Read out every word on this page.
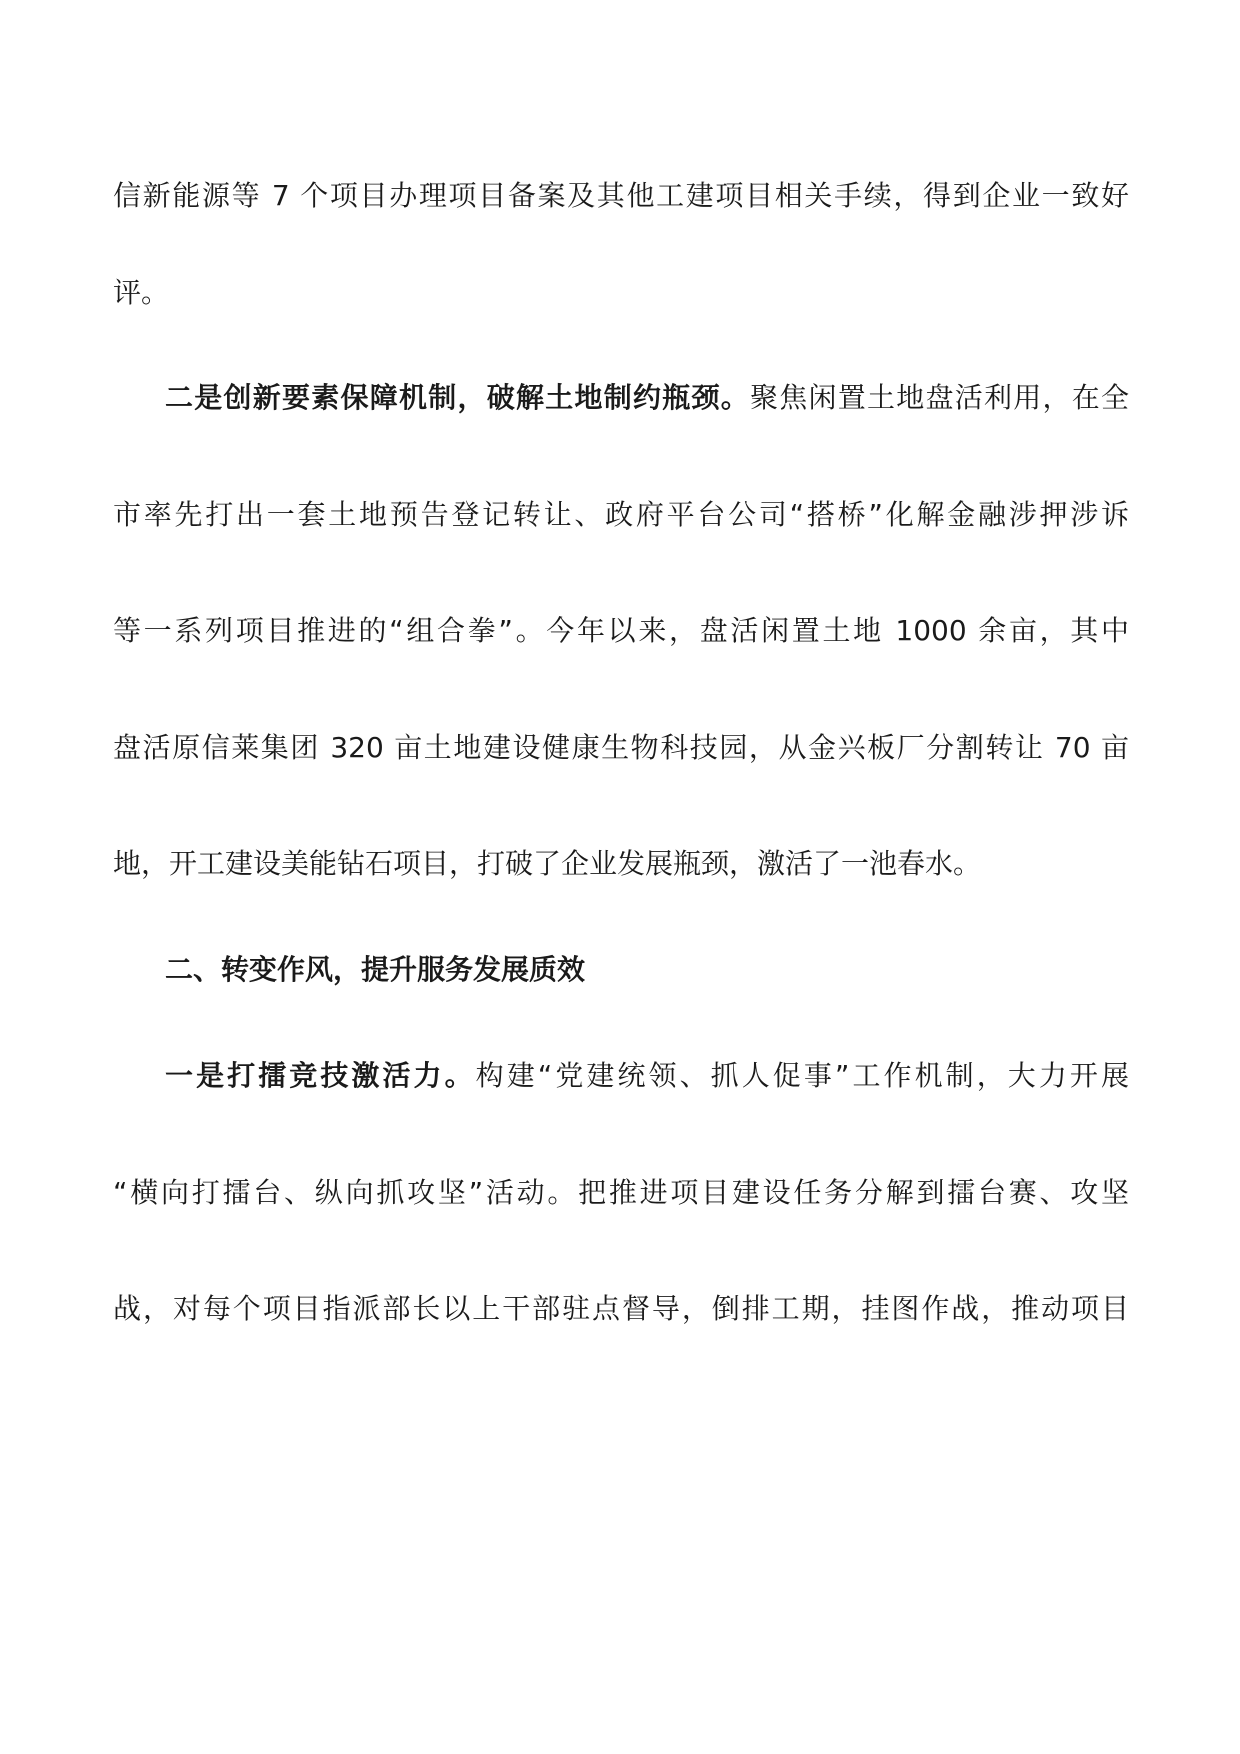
信新能源等 7 个项目办理项目备案及其他工建项目相关手续，得到企业一致好
评。
二是创新要素保障机制，破解土地制约瓶颈。聚焦闲置土地盘活利用，在全
市率先打出一套土地预告登记转让、政府平台公司“搭桥”化解金融涉押涉诉
等一系列项目推进的“组合拳”。今年以来，盘活闲置土地 1000 余亩，其中
盘活原信莱集团 320 亩土地建设健康生物科技园，从金兴板厂分割转让 70 亩
地，开工建设美能钻石项目，打破了企业发展瓶颈，激活了一池春水。
二、转变作风，提升服务发展质效
一是打擂竞技激活力。构建“党建统领、抓人促事”工作机制，大力开展
“横向打擂台、纵向抓攻坚”活动。把推进项目建设任务分解到擂台赛、攻坚
战，对每个项目指派部长以上干部驻点督导，倒排工期，挂图作战，推动项目
